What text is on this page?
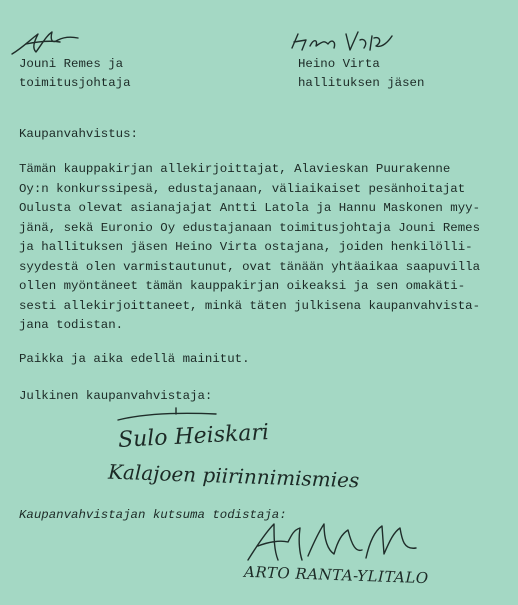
Jouni Remes ja
toimitusjohtaja
Heino Virta
hallituksen jäsen
Kaupanvahvistus:
Tämän kauppakirjan allekirjoittajat, Alavieskan Puurakenne
Oy:n konkurssipesä, edustajanaan, väliaikaiset pesänhoitajat
Oulusta olevat asianajajat Antti Latola ja Hannu Maskonen myy-
jänä, sekä Euronio Oy edustajanaan toimitusjohtaja Jouni Remes
ja hallituksen jäsen Heino Virta ostajana, joiden henkilölli-
syydestä olen varmistautunut, ovat tänään yhtäaikaa saapuvilla
ollen myöntäneet tämän kauppakirjan oikeaksi ja sen omakäti-
sesti allekirjoittaneet, minkä täten julkisena kaupanvahvista-
jana todistan.
Paikka ja aika edellä mainitut.
Julkinen kaupanvahvistaja:
Sulo Heiskari
Kalajoen piirinnimismies
Kaupanvahvistajan kutsuma todistaja:
ARTO RANTA-YLITALO
